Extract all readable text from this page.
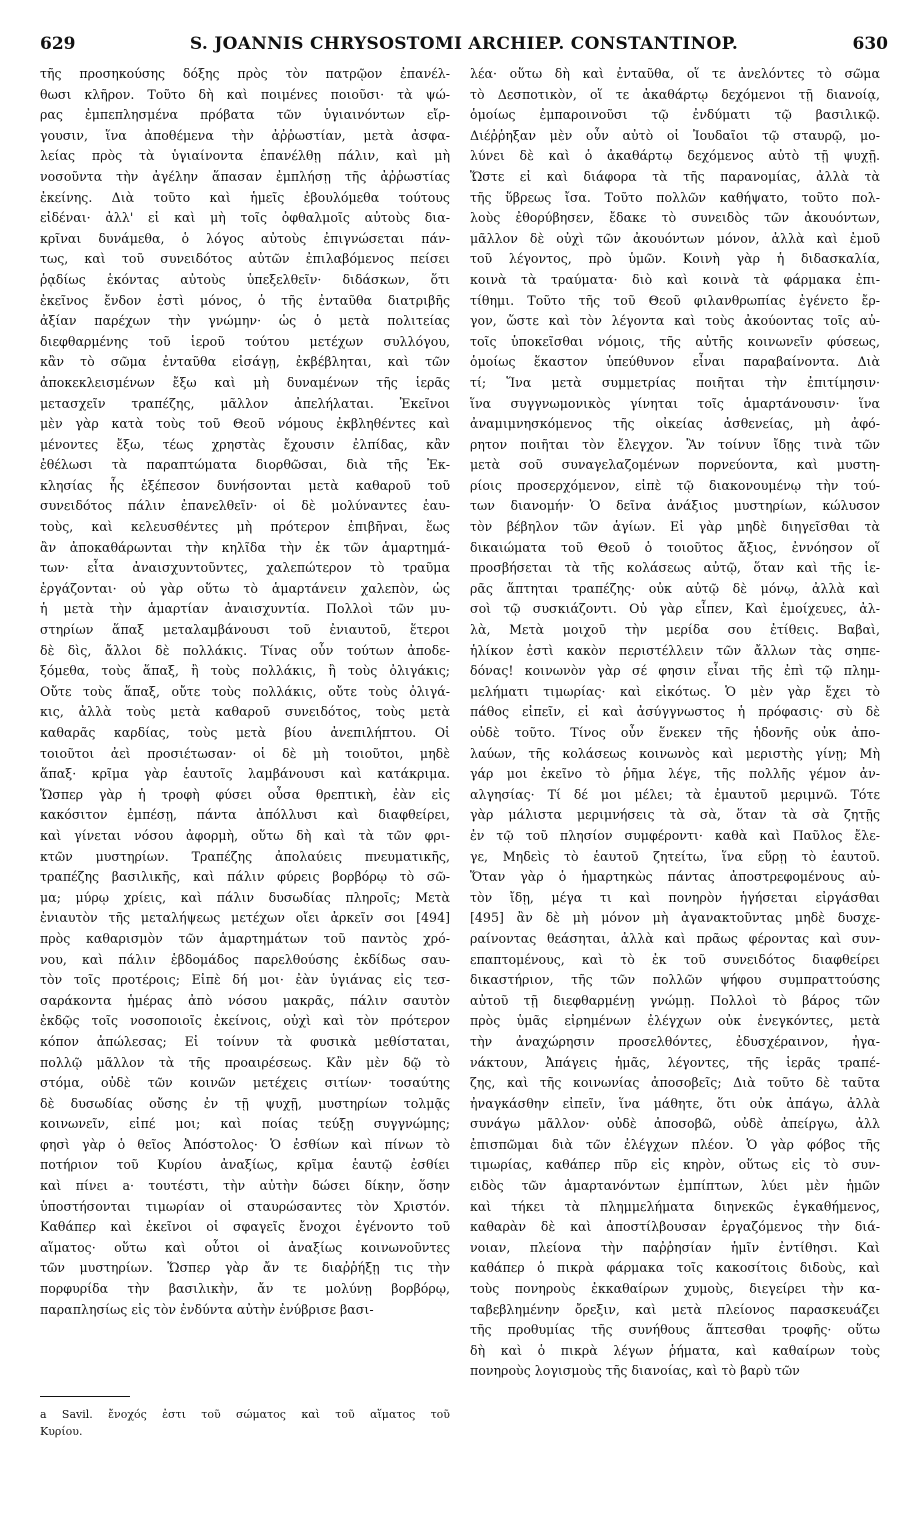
629	S. JOANNIS CHRYSOSTOMI ARCHIEP. CONSTANTINOP.	630
τῆς προσηκούσης δόξης πρὸς τὸν πατρῷον ἐπανέλ-
θωσι κλῆρον. Τοῦτο δὴ καὶ ποιμένες ποιοῦσι· τὰ ψώ-
ρας ἐμπεπλησμένα πρόβατα τῶν ὑγιαινόντων εἴρ-
γουσιν, ἵνα ἀποθέμενα τὴν ἀῤῥωστίαν, μετὰ ἀσφα-
λείας πρὸς τὰ ὑγιαίνοντα ἐπανέλθῃ πάλιν, καὶ μὴ
νοσοῦντα τὴν ἀγέλην ἅπασαν ἐμπλήσῃ τῆς ἀῤῥωστίας
ἐκείνης. Διὰ τοῦτο καὶ ἡμεῖς ἐβουλόμεθα τούτους
εἰδέναι· ἀλλ' εἰ καὶ μὴ τοῖς ὀφθαλμοῖς αὐτοὺς δια-
κρῖναι δυνάμεθα, ὁ λόγος αὐτοὺς ἐπιγνώσεται πάν-
τως, καὶ τοῦ συνειδότος αὐτῶν ἐπιλαβόμενος πείσει
ῥᾳδίως ἑκόντας αὐτοὺς ὑπεξελθεῖν· διδάσκων, ὅτι
ἐκεῖνος ἔνδον ἐστὶ μόνος, ὁ τῆς ἐνταῦθα διατριβῆς
ἀξίαν παρέχων τὴν γνώμην· ὡς ὁ μετὰ πολιτείας
διεφθαρμένης τοῦ ἱεροῦ τούτου μετέχων συλλόγου,
κἂν τὸ σῶμα ἐνταῦθα εἰσάγῃ, ἐκβέβληται, καὶ τῶν
ἀποκεκλεισμένων ἔξω καὶ μὴ δυναμένων τῆς ἱερᾶς
μετασχεῖν τραπέζης, μᾶλλον ἀπελήλαται. Ἐκεῖνοι
μὲν γὰρ κατὰ τοὺς τοῦ Θεοῦ νόμους ἐκβληθέντες καὶ
μένοντες ἔξω, τέως χρηστὰς ἔχουσιν ἐλπίδας, κἂν
ἐθέλωσι τὰ παραπτώματα διορθῶσαι, διὰ τῆς Ἐκ-
κλησίας ἧς ἐξέπεσον δυνήσονται μετὰ καθαροῦ τοῦ
συνειδότος πάλιν ἐπανελθεῖν· οἱ δὲ μολύναντες ἑαυ-
τοὺς, καὶ κελευσθέντες μὴ πρότερον ἐπιβῆναι, ἕως
ἂν ἀποκαθάρωνται τὴν κηλῖδα τὴν ἐκ τῶν ἁμαρτημά-
των· εἶτα ἀναισχυντοῦντες, χαλεπώτερον τὸ τραῦμα
ἐργάζονται· οὐ γὰρ οὕτω τὸ ἁμαρτάνειν χαλεπὸν, ὡς
ἡ μετὰ τὴν ἁμαρτίαν ἀναισχυντία. Πολλοὶ τῶν μυ-
στηρίων ἅπαξ μεταλαμβάνουσι τοῦ ἐνιαυτοῦ, ἕτεροι
δὲ δὶς, ἄλλοι δὲ πολλάκις. Τίνας οὖν τούτων ἀποδε-
ξόμεθα, τοὺς ἅπαξ, ἢ τοὺς πολλάκις, ἢ τοὺς ὀλιγάκις;
Οὔτε τοὺς ἅπαξ, οὔτε τοὺς πολλάκις, οὔτε τοὺς ὀλιγά-
κις, ἀλλὰ τοὺς μετὰ καθαροῦ συνειδότος, τοὺς μετὰ
καθαρᾶς καρδίας, τοὺς μετὰ βίου ἀνεπιλήπτου. Οἱ
τοιοῦτοι ἀεὶ προσιέτωσαν· οἱ δὲ μὴ τοιοῦτοι, μηδὲ
ἅπαξ· κρῖμα γὰρ ἑαυτοῖς λαμβάνουσι καὶ κατάκριμα.
Ὥσπερ γὰρ ἡ τροφὴ φύσει οὖσα θρεπτικὴ, ἐὰν εἰς
κακόσιτον ἐμπέσῃ, πάντα ἀπόλλυσι καὶ διαφθείρει,
καὶ γίνεται νόσου ἀφορμὴ, οὕτω δὴ καὶ τὰ τῶν φρι-
κτῶν μυστηρίων. Τραπέζης ἀπολαύεις πνευματικῆς,
τραπέζης βασιλικῆς, καὶ πάλιν φύρεις βορβόρῳ τὸ σῶ-
μα; μύρῳ χρίεις, καὶ πάλιν δυσωδίας πληροῖς; Μετὰ
ἐνιαυτὸν τῆς μεταλήψεως μετέχων οἴει ἀρκεῖν σοι [494]
πρὸς καθαρισμὸν τῶν ἁμαρτημάτων τοῦ παντὸς χρό-
νου, καὶ πάλιν ἑβδομάδος παρελθούσης ἐκδίδως σαυ-
τὸν τοῖς προτέροις; Εἰπὲ δή μοι· ἐὰν ὑγιάνας εἰς τεσ-
σαράκοντα ἡμέρας ἀπὸ νόσου μακρᾶς, πάλιν σαυτὸν
ἐκδῷς τοῖς νοσοποιοῖς ἐκείνοις, οὐχὶ καὶ τὸν πρότερον
κόπον ἀπώλεσας; Εἰ τοίνυν τὰ φυσικὰ μεθίσταται,
πολλῷ μᾶλλον τὰ τῆς προαιρέσεως. Κἂν μὲν δῷ τὸ
στόμα, οὐδὲ τῶν κοινῶν μετέχεις σιτίων· τοσαύτης
δὲ δυσωδίας οὔσης ἐν τῇ ψυχῇ, μυστηρίων τολμᾷς
κοινωνεῖν, εἰπέ μοι; καὶ ποίας τεύξῃ συγγνώμης;
φησὶ γὰρ ὁ θεῖος Ἀπόστολος· Ὁ ἐσθίων καὶ πίνων τὸ
ποτήριον τοῦ Κυρίου ἀναξίως, κρῖμα ἑαυτῷ ἐσθίει
καὶ πίνει a· τουτέστι, τὴν αὐτὴν δώσει δίκην, ὅσην
ὑποστήσονται τιμωρίαν οἱ σταυρώσαντες τὸν Χριστόν.
Καθάπερ καὶ ἐκεῖνοι οἱ σφαγεῖς ἔνοχοι ἐγένοντο τοῦ
αἵματος· οὕτω καὶ οὗτοι οἱ ἀναξίως κοινωνοῦντες
τῶν μυστηρίων. Ὥσπερ γὰρ ἄν τε διαῤῥήξῃ τις τὴν
πορφυρίδα τὴν βασιλικὴν, ἄν τε μολύνῃ βορβόρῳ,
παραπλησίως εἰς τὸν ἐνδύντα αὐτὴν ἐνύβρισε βασι-
λέα· οὕτω δὴ καὶ ἐνταῦθα, οἵ τε ἀνελόντες τὸ σῶμα
τὸ Δεσποτικὸν, οἵ τε ἀκαθάρτῳ δεχόμενοι τῇ διανοίᾳ,
ὁμοίως ἐμπαροινοῦσι τῷ ἐνδύματι τῷ βασιλικῷ.
Διέῤῥηξαν μὲν οὖν αὐτὸ οἱ Ἰουδαῖοι τῷ σταυρῷ, μο-
λύνει δὲ καὶ ὁ ἀκαθάρτῳ δεχόμενος αὐτὸ τῇ ψυχῇ.
Ὥστε εἰ καὶ διάφορα τὰ τῆς παρανομίας, ἀλλὰ τὰ
τῆς ὕβρεως ἴσα. Τοῦτο πολλῶν καθήψατο, τοῦτο πολ-
λοὺς ἐθορύβησεν, ἔδακε τὸ συνειδὸς τῶν ἀκουόντων,
μᾶλλον δὲ οὐχὶ τῶν ἀκουόντων μόνον, ἀλλὰ καὶ ἐμοῦ
τοῦ λέγοντος, πρὸ ὑμῶν. Κοινὴ γὰρ ἡ διδασκαλία,
κοινὰ τὰ τραύματα· διὸ καὶ κοινὰ τὰ φάρμακα ἐπι-
τίθημι. Τοῦτο τῆς τοῦ Θεοῦ φιλανθρωπίας ἐγένετο ἔρ-
γον, ὥστε καὶ τὸν λέγοντα καὶ τοὺς ἀκούοντας τοῖς αὐ-
τοῖς ὑποκεῖσθαι νόμοις, τῆς αὐτῆς κοινωνεῖν φύσεως,
ὁμοίως ἕκαστον ὑπεύθυνον εἶναι παραβαίνοντα. Διὰ
τί; Ἵνα μετὰ συμμετρίας ποιῆται τὴν ἐπιτίμησιν·
ἵνα συγγνωμονικὸς γίνηται τοῖς ἁμαρτάνουσιν· ἵνα
ἀναμιμνησκόμενος τῆς οἰκείας ἀσθενείας, μὴ ἀφό-
ρητον ποιῆται τὸν ἔλεγχον. Ἂν τοίνυν ἴδῃς τινὰ τῶν
μετὰ σοῦ συναγελαζομένων πορνεύοντα, καὶ μυστη-
ρίοις προσερχόμενον, εἰπὲ τῷ διακονουμένῳ τὴν τού-
των διανομήν· Ὁ δεῖνα ἀνάξιος μυστηρίων, κώλυσον
τὸν βέβηλον τῶν ἁγίων. Εἰ γὰρ μηδὲ διηγεῖσθαι τὰ
δικαιώματα τοῦ Θεοῦ ὁ τοιοῦτος ἄξιος, ἐννόησον οἵ
προσβήσεται τὰ τῆς κολάσεως αὐτῷ, ὅταν καὶ τῆς ἱε-
ρᾶς ἅπτηται τραπέζης· οὐκ αὐτῷ δὲ μόνῳ, ἀλλὰ καὶ
σοὶ τῷ συσκιάζοντι. Οὐ γὰρ εἶπεν, Καὶ ἐμοίχευες, ἀλ-
λὰ, Μετὰ μοιχοῦ τὴν μερίδα σου ἐτίθεις. Βαβαὶ,
ἡλίκον ἐστὶ κακὸν περιστέλλειν τῶν ἄλλων τὰς σηπε-
δόνας! κοινωνὸν γὰρ σέ φησιν εἶναι τῆς ἐπὶ τῷ πλημ-
μελήματι τιμωρίας· καὶ εἰκότως. Ὁ μὲν γὰρ ἔχει τὸ
πάθος εἰπεῖν, εἰ καὶ ἀσύγγνωστος ἡ πρόφασις· σὺ δὲ
οὐδὲ τοῦτο. Τίνος οὖν ἕνεκεν τῆς ἡδονῆς οὐκ ἀπο-
λαύων, τῆς κολάσεως κοινωνὸς καὶ μεριστὴς γίνῃ; Μὴ
γάρ μοι ἐκεῖνο τὸ ῥῆμα λέγε, τῆς πολλῆς γέμον ἀν-
αλγησίας· Τί δέ μοι μέλει; τὰ ἐμαυτοῦ μεριμνῶ. Τότε
γὰρ μάλιστα μεριμνήσεις τὰ σὰ, ὅταν τὰ σὰ ζητῇς
ἐν τῷ τοῦ πλησίον συμφέροντι· καθὰ καὶ Παῦλος ἔλε-
γε, Μηδεὶς τὸ ἑαυτοῦ ζητείτω, ἵνα εὕρῃ τὸ ἑαυτοῦ.
Ὅταν γὰρ ὁ ἡμαρτηκὼς πάντας ἀποστρεφομένους αὐ-
τὸν ἴδῃ, μέγα τι καὶ πονηρὸν ἡγήσεται εἰργάσθαι
[495] ἂν δὲ μὴ μόνον μὴ ἀγανακτοῦντας μηδὲ δυσχε-
ραίνοντας θεάσηται, ἀλλὰ καὶ πρᾶως φέροντας καὶ συν-
επαπτομένους, καὶ τὸ ἐκ τοῦ συνειδότος διαφθείρει
δικαστήριον, τῆς τῶν πολλῶν ψήφου συμπραττούσης
αὐτοῦ τῇ διεφθαρμένῃ γνώμῃ. Πολλοὶ τὸ βάρος τῶν
πρὸς ὑμᾶς εἰρημένων ἐλέγχων οὐκ ἐνεγκόντες, μετὰ
τὴν ἀναχώρησιν προσελθόντες, ἐδυσχέραινον, ἠγα-
νάκτουν, Ἀπάγεις ἡμᾶς, λέγοντες, τῆς ἱερᾶς τραπέ-
ζης, καὶ τῆς κοινωνίας ἀποσοβεῖς; Διὰ τοῦτο δὲ ταῦτα
ἠναγκάσθην εἰπεῖν, ἵνα μάθητε, ὅτι οὐκ ἀπάγω, ἀλλὰ
συνάγω μᾶλλον· οὐδὲ ἀποσοβῶ, οὐδὲ ἀπείργω, ἀλλ
ἐπισπῶμαι διὰ τῶν ἐλέγχων πλέον. Ὁ γὰρ φόβος τῆς
τιμωρίας, καθάπερ πῦρ εἰς κηρὸν, οὕτως εἰς τὸ συν-
ειδὸς τῶν ἁμαρτανόντων ἐμπίπτων, λύει μὲν ἡμῶν
καὶ τήκει τὰ πλημμελήματα διηνεκῶς ἐγκαθήμενος,
καθαρὰν δὲ καὶ ἀποστίλβουσαν ἐργαζόμενος τὴν διά-
νοιαν, πλείονα τὴν παῤῥησίαν ἡμῖν ἐντίθησι. Καὶ
καθάπερ ὁ πικρὰ φάρμακα τοῖς κακοσίτοις διδοὺς, καὶ
τοὺς πονηροὺς ἐκκαθαίρων χυμοὺς, διεγείρει τὴν κα-
ταβεβλημένην ὄρεξιν, καὶ μετὰ πλείονος παρασκευάζει
τῆς προθυμίας τῆς συνήθους ἅπτεσθαι τροφῆς· οὕτω
δὴ καὶ ὁ πικρὰ λέγων ῥήματα, καὶ καθαίρων τοὺς
πονηροὺς λογισμοὺς τῆς διανοίας, καὶ τὸ βαρὺ τῶν
a Savil. ἔνοχός ἐστι τοῦ σώματος καὶ τοῦ αἵματος τοῦ
Κυρίου.
